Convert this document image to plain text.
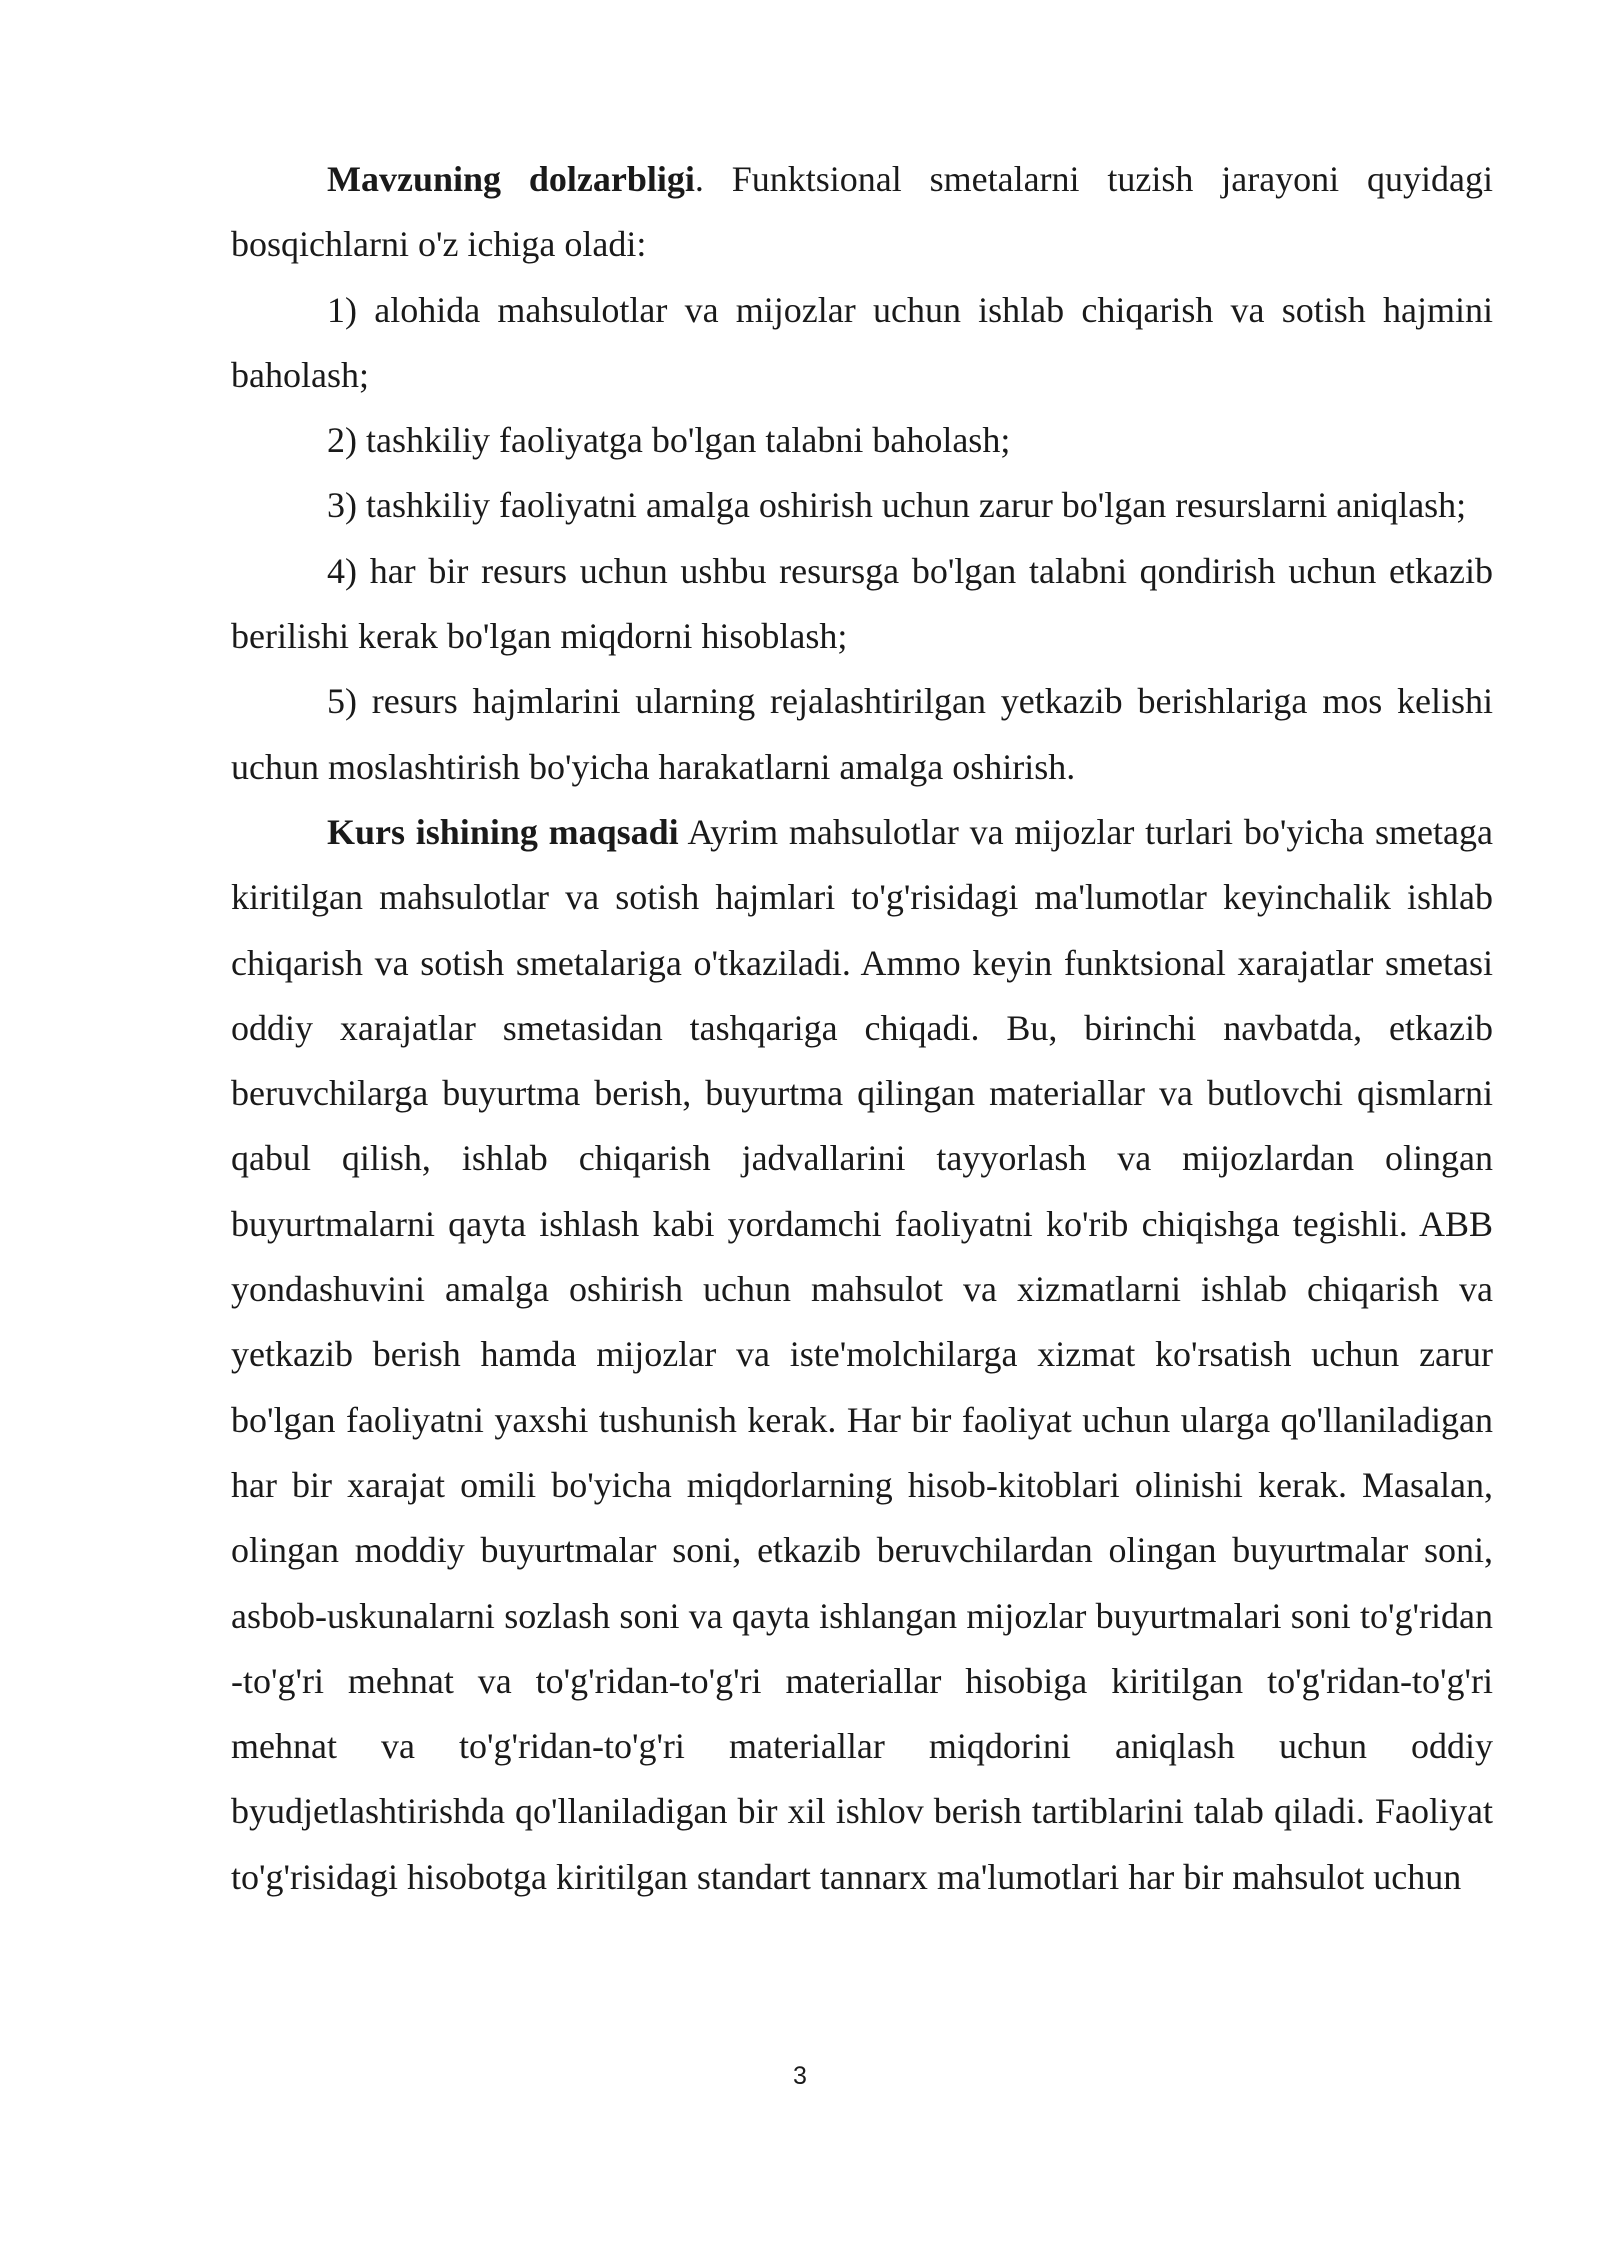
Mavzuning dolzarbligi. Funktsional smetalarni tuzish jarayoni quyidagi bosqichlarni o'z ichiga oladi:

1) alohida mahsulotlar va mijozlar uchun ishlab chiqarish va sotish hajmini baholash;

2) tashkiliy faoliyatga bo'lgan talabni baholash;

3) tashkiliy faoliyatni amalga oshirish uchun zarur bo'lgan resurslarni aniqlash;

4) har bir resurs uchun ushbu resursga bo'lgan talabni qondirish uchun etkazib berilishi kerak bo'lgan miqdorni hisoblash;

5) resurs hajmlarini ularning rejalashtirilgan yetkazib berishlariga mos kelishi uchun moslashtirish bo'yicha harakatlarni amalga oshirish.

Kurs ishining maqsadi Ayrim mahsulotlar va mijozlar turlari bo'yicha smetaga kiritilgan mahsulotlar va sotish hajmlari to'g'risidagi ma'lumotlar keyinchalik ishlab chiqarish va sotish smetalariga o'tkaziladi. Ammo keyin funktsional xarajatlar smetasi oddiy xarajatlar smetasidan tashqariga chiqadi. Bu, birinchi navbatda, etkazib beruvchilarga buyurtma berish, buyurtma qilingan materiallar va butlovchi qismlarni qabul qilish, ishlab chiqarish jadvallarini tayyorlash va mijozlardan olingan buyurtmalarni qayta ishlash kabi yordamchi faoliyatni ko'rib chiqishga tegishli. ABB yondashuvini amalga oshirish uchun mahsulot va xizmatlarni ishlab chiqarish va yetkazib berish hamda mijozlar va iste'molchilarga xizmat ko'rsatish uchun zarur bo'lgan faoliyatni yaxshi tushunish kerak. Har bir faoliyat uchun ularga qo'llaniladigan har bir xarajat omili bo'yicha miqdorlarning hisob-kitoblari olinishi kerak. Masalan, olingan moddiy buyurtmalar soni, etkazib beruvchilardan olingan buyurtmalar soni, asbob-uskunalarni sozlash soni va qayta ishlangan mijozlar buyurtmalari soni to'g'ridan -to'g'ri mehnat va to'g'ridan-to'g'ri materiallar hisobiga kiritilgan to'g'ridan-to'g'ri mehnat va to'g'ridan-to'g'ri materiallar miqdorini aniqlash uchun oddiy byudjetlashtirishda qo'llaniladigan bir xil ishlov berish tartiblarini talab qiladi. Faoliyat to'g'risidagi hisobotga kiritilgan standart tannarx ma'lumotlari har bir mahsulot uchun

3
